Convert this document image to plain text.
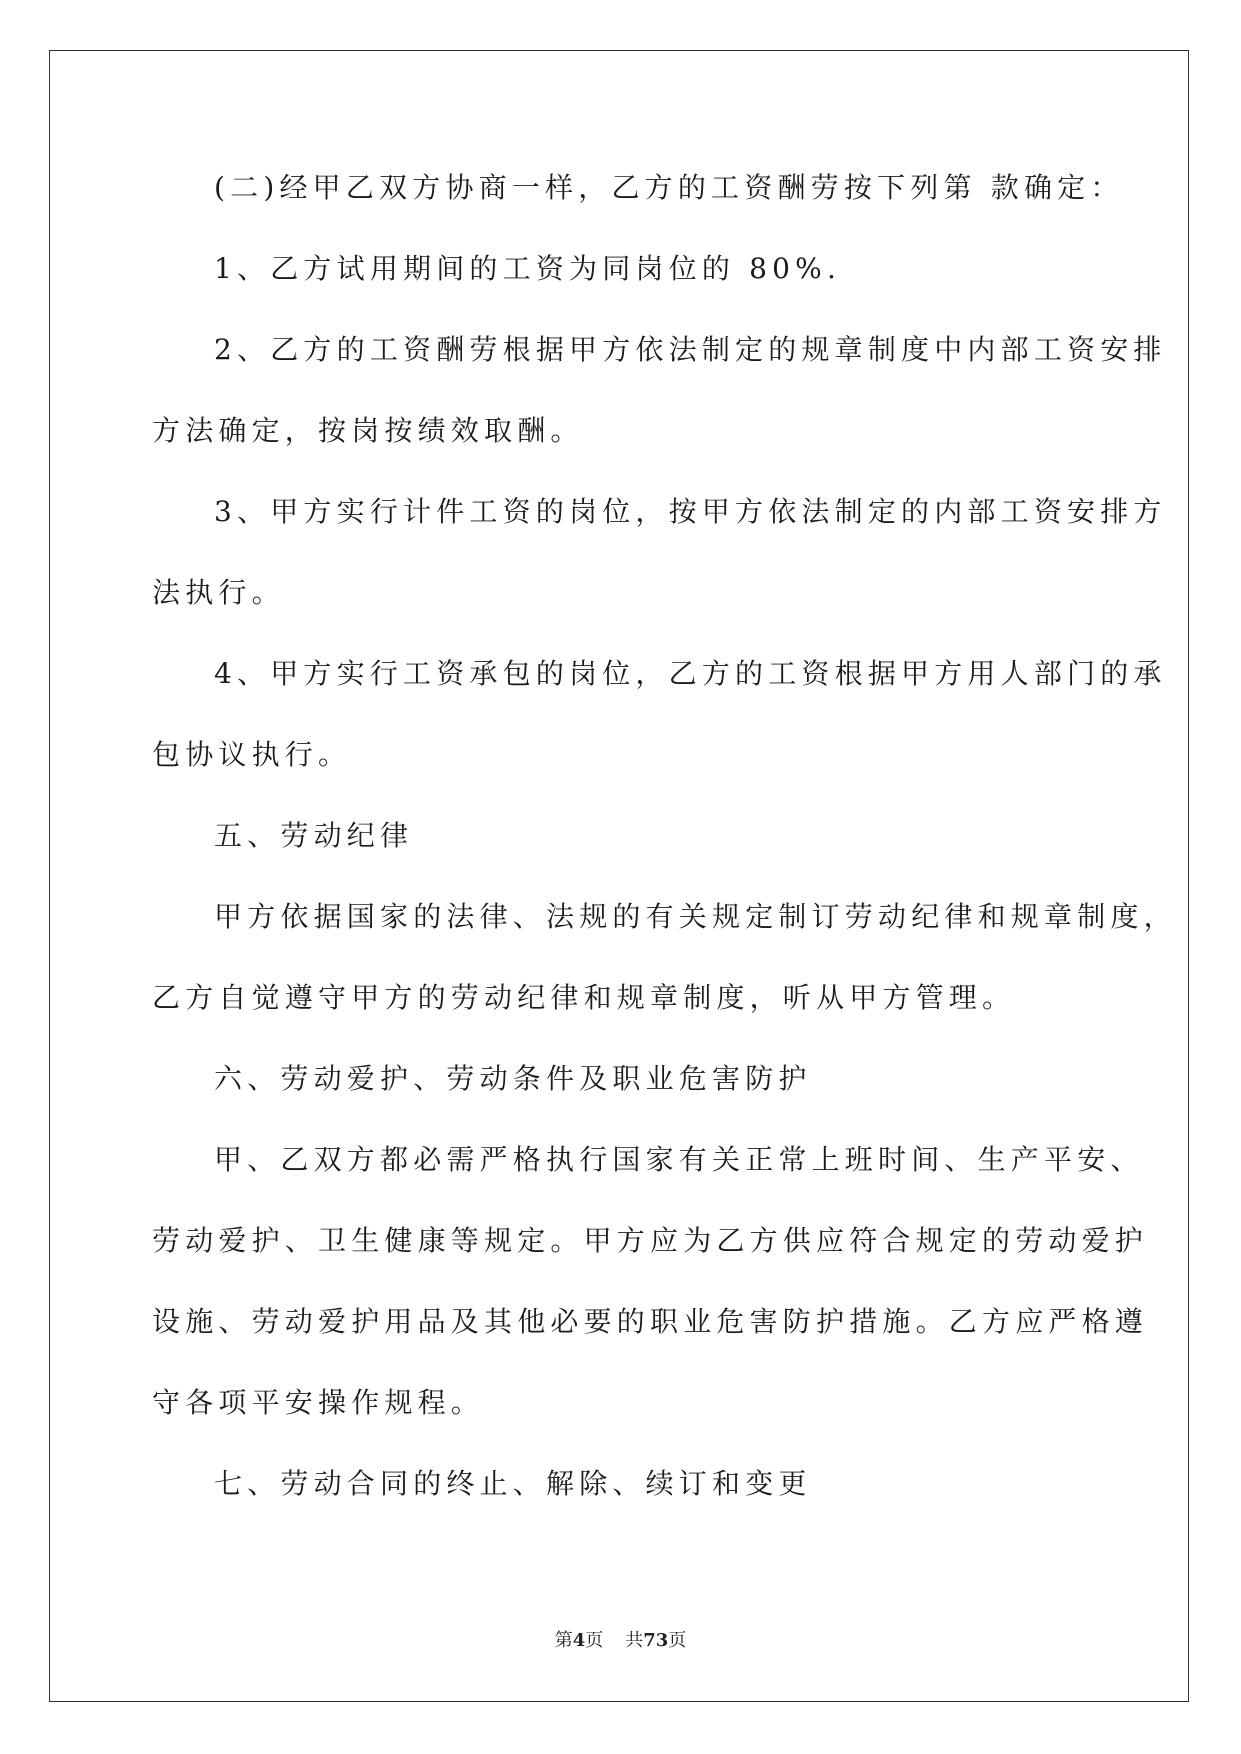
(二)经甲乙双方协商一样，乙方的工资酬劳按下列第 款确定：
1、乙方试用期间的工资为同岗位的 80%.
2、乙方的工资酬劳根据甲方依法制定的规章制度中内部工资安排
方法确定，按岗按绩效取酬。
3、甲方实行计件工资的岗位，按甲方依法制定的内部工资安排方
法执行。
4、甲方实行工资承包的岗位，乙方的工资根据甲方用人部门的承
包协议执行。
五、劳动纪律
甲方依据国家的法律、法规的有关规定制订劳动纪律和规章制度，
乙方自觉遵守甲方的劳动纪律和规章制度，听从甲方管理。
六、劳动爱护、劳动条件及职业危害防护
甲、乙双方都必需严格执行国家有关正常上班时间、生产平安、
劳动爱护、卫生健康等规定。甲方应为乙方供应符合规定的劳动爱护
设施、劳动爱护用品及其他必要的职业危害防护措施。乙方应严格遵
守各项平安操作规程。
七、劳动合同的终止、解除、续订和变更
第4页 共73页
